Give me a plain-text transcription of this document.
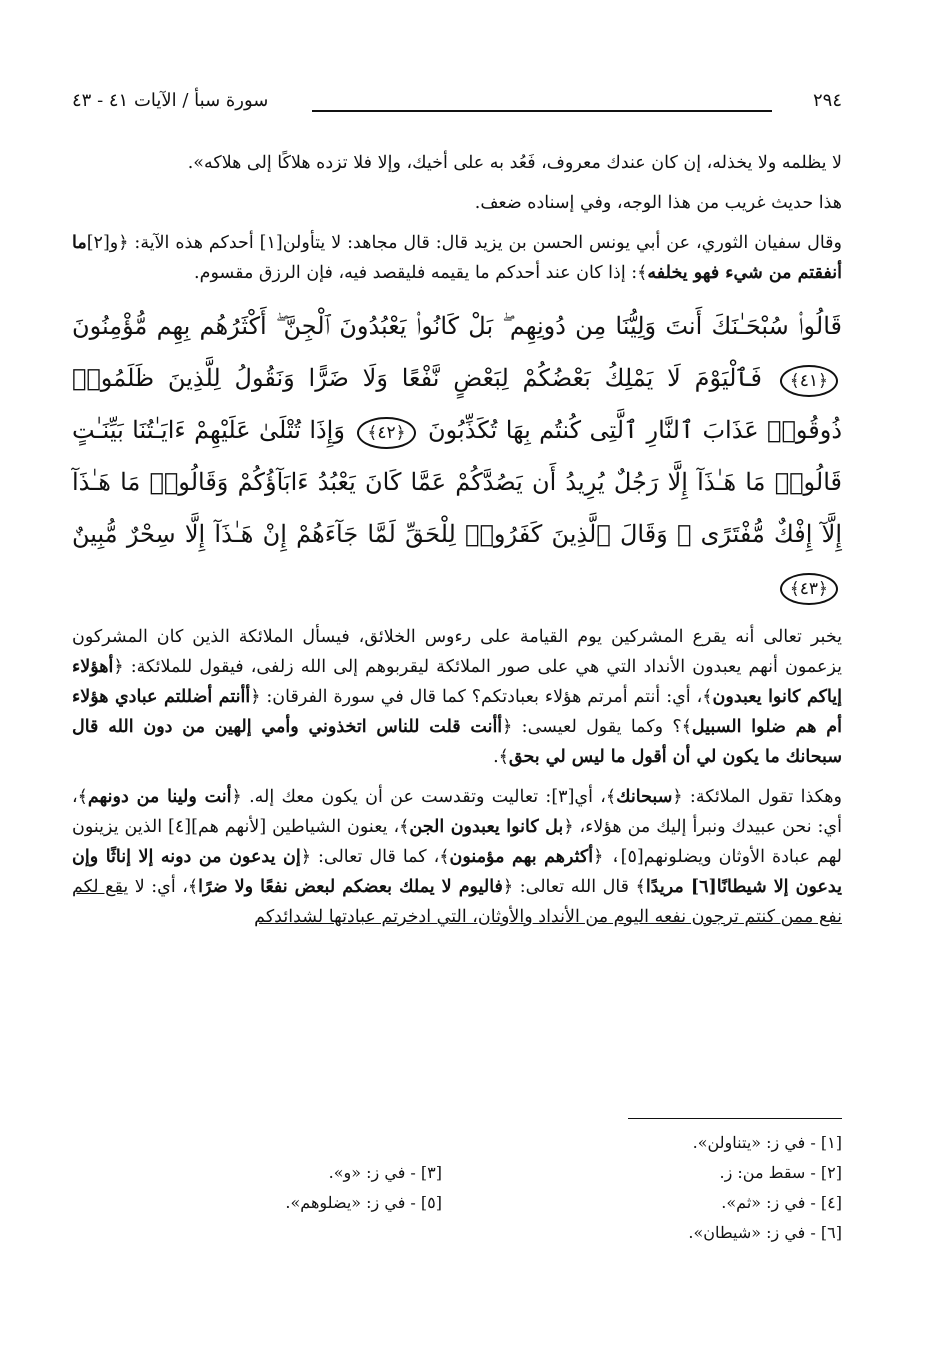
٢٩٤
سورة سبأ / الآيات ٤١ - ٤٣

لا يظلمه ولا يخذله، إن كان عندك معروف، فَعُد به على أخيك، وإلا فلا تزده هلاكًا إلى هلاكه».

هذا حديث غريب من هذا الوجه، وفي إسناده ضعف.

وقال سفيان الثوري، عن أبي يونس الحسن بن يزيد قال: قال مجاهد: لا يتأولن[١] أحدكم هذه الآية: ﴿و[٢]ما أنفقتم من شيء فهو يخلفه﴾: إذا كان عند أحدكم ما يقيمه فليقصد فيه، فإن الرزق مقسوم.

قَالُوا۟ سُبْحَـٰنَكَ أَنتَ وَلِيُّنَا مِن دُونِهِم ۖ بَلْ كَانُوا۟ يَعْبُدُونَ ٱلْجِنَّ ۖ أَكْثَرُهُم بِهِم مُّؤْمِنُونَ ﴿٤١﴾ فَٱلْيَوْمَ لَا يَمْلِكُ بَعْضُكُمْ لِبَعْضٍ نَّفْعًا وَلَا ضَرًّا وَنَقُولُ لِلَّذِينَ ظَلَمُوا۟ ذُوقُوا۟ عَذَابَ ٱلنَّارِ ٱلَّتِى كُنتُم بِهَا تُكَذِّبُونَ ﴿٤٢﴾ وَإِذَا تُتْلَىٰ عَلَيْهِمْ ءَايَـٰتُنَا بَيِّنَـٰتٍ قَالُوا۟ مَا هَـٰذَآ إِلَّا رَجُلٌ يُرِيدُ أَن يَصُدَّكُمْ عَمَّا كَانَ يَعْبُدُ ءَابَآؤُكُمْ وَقَالُوا۟ مَا هَـٰذَآ إِلَّآ إِفْكٌ مُّفْتَرًى ۚ وَقَالَ ٱلَّذِينَ كَفَرُوا۟ لِلْحَقِّ لَمَّا جَآءَهُمْ إِنْ هَـٰذَآ إِلَّا سِحْرٌ مُّبِينٌ ﴿٤٣﴾

يخبر تعالى أنه يقرع المشركين يوم القيامة على رءوس الخلائق، فيسأل الملائكة الذين كان المشركون يزعمون أنهم يعبدون الأنداد التي هي على صور الملائكة ليقربوهم إلى الله زلفى، فيقول للملائكة: ﴿أهؤلاء إياكم كانوا يعبدون﴾، أي: أنتم أمرتم هؤلاء بعبادتكم؟ كما قال في سورة الفرقان: ﴿أأنتم أضللتم عبادي هؤلاء أم هم ضلوا السبيل﴾؟ وكما يقول لعيسى: ﴿أأنت قلت للناس اتخذوني وأمي إلهين من دون الله قال سبحانك ما يكون لي أن أقول ما ليس لي بحق﴾.

وهكذا تقول الملائكة: ﴿سبحانك﴾، أي[٣]: تعاليت وتقدست عن أن يكون معك إله. ﴿أنت ولينا من دونهم﴾، أي: نحن عبيدك ونبرأ إليك من هؤلاء، ﴿بل كانوا يعبدون الجن﴾، يعنون الشياطين [لأنهم هم][٤] الذين يزينون لهم عبادة الأوثان ويضلونهم[٥]، ﴿أكثرهم بهم مؤمنون﴾، كما قال تعالى: ﴿إن يدعون من دونه إلا إناثًا وإن يدعون إلا شيطانًا[٦] مريدًا﴾ قال الله تعالى: ﴿فاليوم لا يملك بعضكم لبعض نفعًا ولا ضرًا﴾، أي: لا يقع لكم نفع ممن كنتم ترجون نفعه اليوم من الأنداد والأوثان، التي ادخرتم عبادتها لشدائدكم

[١] - في ز: «يتناولن».
[٢] - سقط من: ز.
[٣] - في ز: «و».
[٤] - في ز: «ثم».
[٥] - في ز: «يضلوهم».
[٦] - في ز: «شيطان».
